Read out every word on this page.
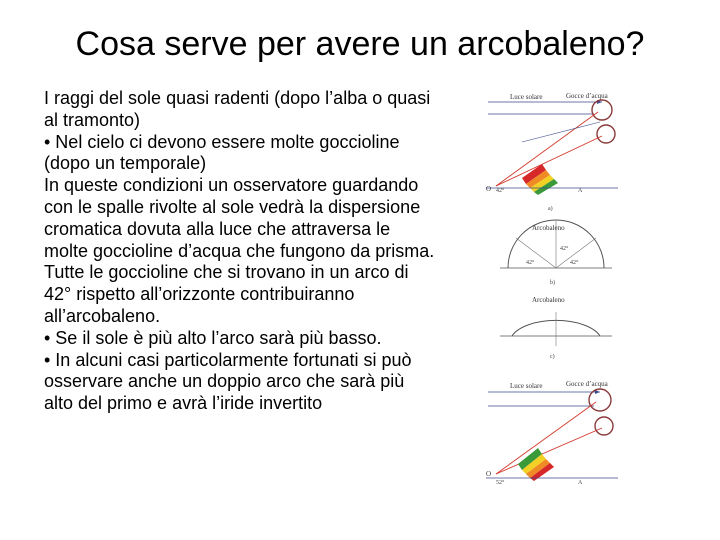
Cosa serve per avere un arcobaleno?

I raggi del sole quasi radenti (dopo l’alba o quasi

al tramonto)

• Nel cielo ci devono essere molte goccioline

(dopo un temporale)

In queste condizioni un osservatore guardando

con le spalle rivolte al sole vedrà la dispersione

cromatica dovuta alla luce che attraversa le

molte goccioline d’acqua che fungono da prisma.

Tutte le goccioline che si trovano in un arco di

42° rispetto all’orizzonte contribuiranno

all’arcobaleno.

• Se il sole è più alto l’arco sarà più basso.

• In alcuni casi particolarmente fortunati si può

osservare anche un doppio arco che sarà più

alto del primo e avrà l’iride invertito

Luce solare	Gocce d’acqua
O 42°	A
a)
Arcobaleno
42°
42°	42°
b)
Arcobaleno
c)
Luce solare	Gocce d’acqua
O
52°	A
